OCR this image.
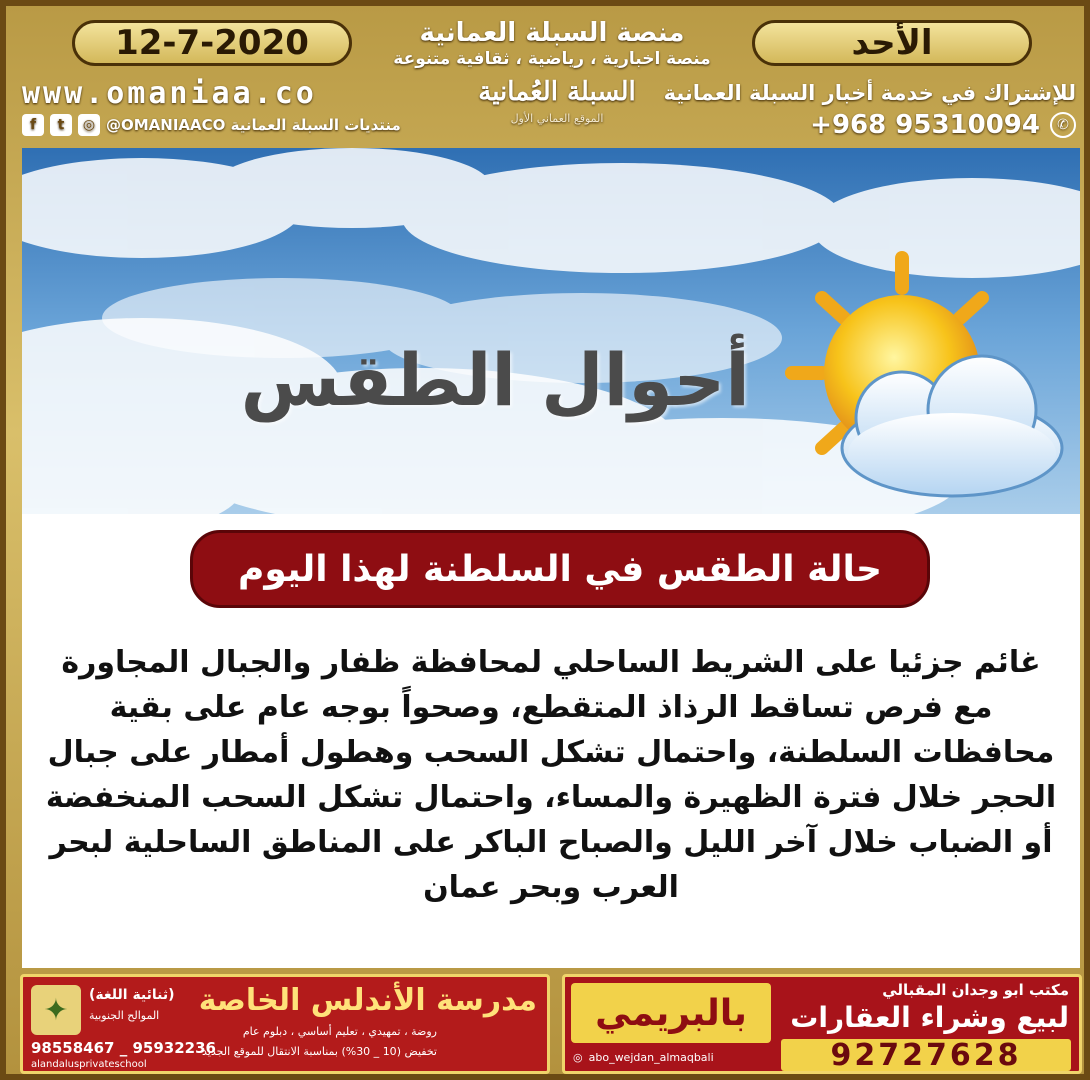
12-7-2020	منصة السبلة العمانية
منصة اخبارية ، رياضية ، ثقافية متنوعة	الأحد
www.omaniaa.co
f	t	◎ @OMANIAACO منتديات السبلة العمانية
السبلة العُمانية
الموقع العماني الأول
للإشتراك في خدمة أخبار السبلة العمانية
+968 95310094	✆
أحوال الطقس
حالة الطقس في السلطنة لهذا اليوم
غائم جزئيا على الشريط الساحلي لمحافظة ظفار والجبال المجاورة مع فرص تساقط الرذاذ المتقطع، وصحواً بوجه عام على بقية محافظات السلطنة، واحتمال تشكل السحب وهطول أمطار على جبال الحجر خلال فترة الظهيرة والمساء، واحتمال تشكل السحب المنخفضة أو الضباب خلال آخر الليل والصباح الباكر على المناطق الساحلية لبحر العرب وبحر عمان
✦	(ثنائية اللغة)
الموالح الجنوبية
98558467 _ 95932236
alandalusprivateschool
مدرسة الأندلس الخاصة
روضة ، تمهيدي ، تعليم أساسي ، دبلوم عام
تخفيض (10 _ 30%) بمناسبة الانتقال للموقع الجديد
بالبريمي
◎ abo_wejdan_almaqbali
مكتب ابو وجدان المقبالي
لبيع وشراء العقارات
92727628
